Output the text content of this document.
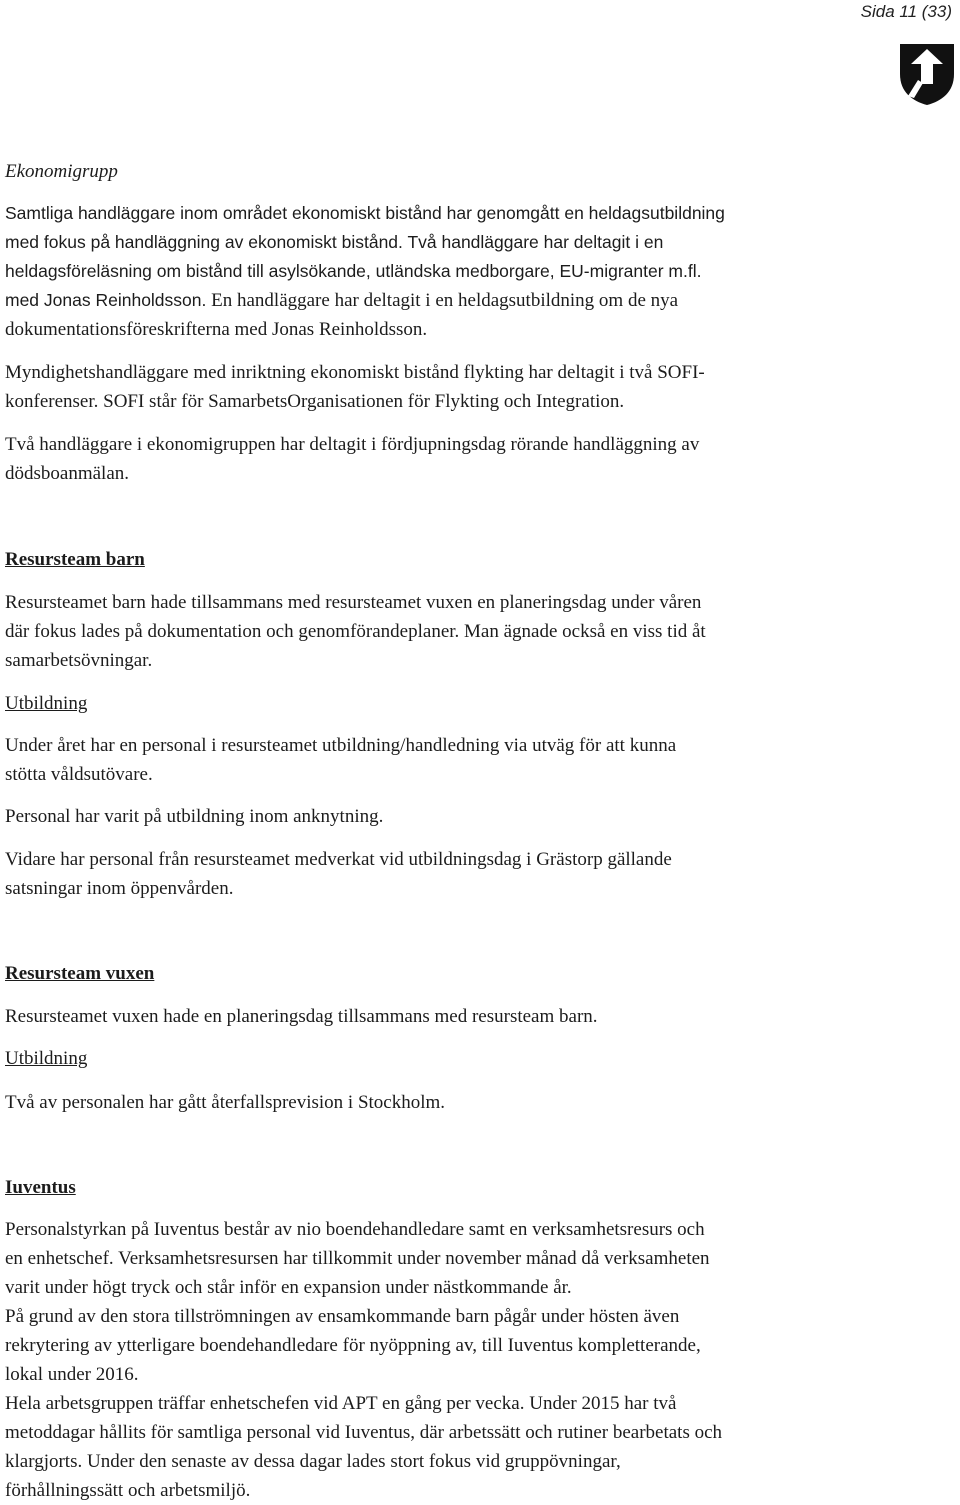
Sida 11 (33)

Ekonomigrupp

Samtliga handläggare inom området ekonomiskt bistånd har genomgått en heldagsutbildning
med fokus på handläggning av ekonomiskt bistånd. Två handläggare har deltagit i en
heldagsföreläsning om bistånd till asylsökande, utländska medborgare, EU-migranter m.fl.
med Jonas Reinholdsson. En handläggare har deltagit i en heldagsutbildning om de nya
dokumentationsföreskrifterna med Jonas Reinholdsson.
Myndighetshandläggare med inriktning ekonomiskt bistånd flykting har deltagit i två SOFI-
konferenser. SOFI står för SamarbetsOrganisationen för Flykting och Integration.
Två handläggare i ekonomigruppen har deltagit i fördjupningsdag rörande handläggning av
dödsboanmälan.

Resursteam barn

Resursteamet barn hade tillsammans med resursteamet vuxen en planeringsdag under våren
där fokus lades på dokumentation och genomförandeplaner. Man ägnade också en viss tid åt
samarbetsövningar.

Utbildning

Under året har en personal i resursteamet utbildning/handledning via utväg för att kunna
stötta våldsutövare.

Personal har varit på utbildning inom anknytning.

Vidare har personal från resursteamet medverkat vid utbildningsdag i Grästorp gällande
satsningar inom öppenvården.

Resursteam vuxen

Resursteamet vuxen hade en planeringsdag tillsammans med resursteam barn.

Utbildning

Två av personalen har gått återfallsprevision i Stockholm.

Iuventus

Personalstyrkan på Iuventus består av nio boendehandledare samt en verksamhetsresurs och
en enhetschef. Verksamhetsresursen har tillkommit under november månad då verksamheten
varit under högt tryck och står inför en expansion under nästkommande år.
På grund av den stora tillströmningen av ensamkommande barn pågår under hösten även
rekrytering av ytterligare boendehandledare för nyöppning av, till Iuventus kompletterande,
lokal under 2016.
Hela arbetsgruppen träffar enhetschefen vid APT en gång per vecka. Under 2015 har två
metoddagar hållits för samtliga personal vid Iuventus, där arbetssätt och rutiner bearbetats och
klargjorts. Under den senaste av dessa dagar lades stort fokus vid gruppövningar,
förhållningssätt och arbetsmiljö.
